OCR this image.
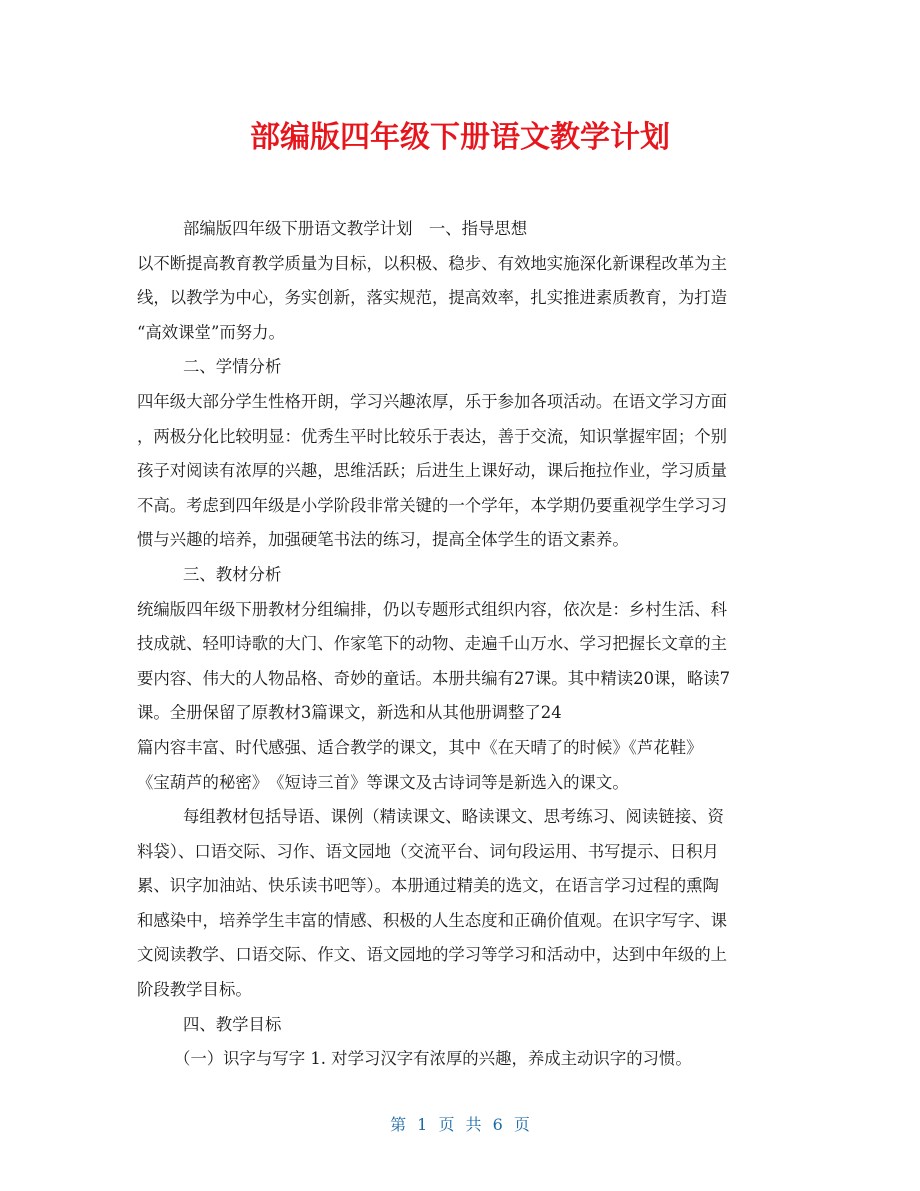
部编版四年级下册语文教学计划
部编版四年级下册语文教学计划　一、指导思想
以不断提高教育教学质量为目标，以积极、稳步、有效地实施深化新课程改革为主
线，以教学为中心，务实创新，落实规范，提高效率，扎实推进素质教育，为打造
“高效课堂”而努力。
二、学情分析
四年级大部分学生性格开朗，学习兴趣浓厚，乐于参加各项活动。在语文学习方面
，两极分化比较明显：优秀生平时比较乐于表达，善于交流，知识掌握牢固；个别
孩子对阅读有浓厚的兴趣，思维活跃；后进生上课好动，课后拖拉作业，学习质量
不高。考虑到四年级是小学阶段非常关键的一个学年，本学期仍要重视学生学习习
惯与兴趣的培养，加强硬笔书法的练习，提高全体学生的语文素养。
三、教材分析
统编版四年级下册教材分组编排，仍以专题形式组织内容，依次是：乡村生活、科
技成就、轻叩诗歌的大门、作家笔下的动物、走遍千山万水、学习把握长文章的主
要内容、伟大的人物品格、奇妙的童话。本册共编有27课。其中精读20课，略读7
课。全册保留了原教材3篇课文，新选和从其他册调整了24
篇内容丰富、时代感强、适合教学的课文，其中《在天晴了的时候》《芦花鞋》
《宝葫芦的秘密》　《短诗三首》等课文及古诗词等是新选入的课文。
每组教材包括导语、课例（精读课文、略读课文、思考练习、阅读链接、资
料袋）、口语交际、习作、语文园地（交流平台、词句段运用、书写提示、日积月
累、识字加油站、快乐读书吧等）。本册通过精美的选文，在语言学习过程的熏陶
和感染中，培养学生丰富的情感、积极的人生态度和正确价值观。在识字写字、课
文阅读教学、口语交际、作文、语文园地的学习等学习和活动中，达到中年级的上
阶段教学目标。
四、教学目标
（一）识字与写字 1. 对学习汉字有浓厚的兴趣，养成主动识字的习惯。
第 1 页 共 6 页
